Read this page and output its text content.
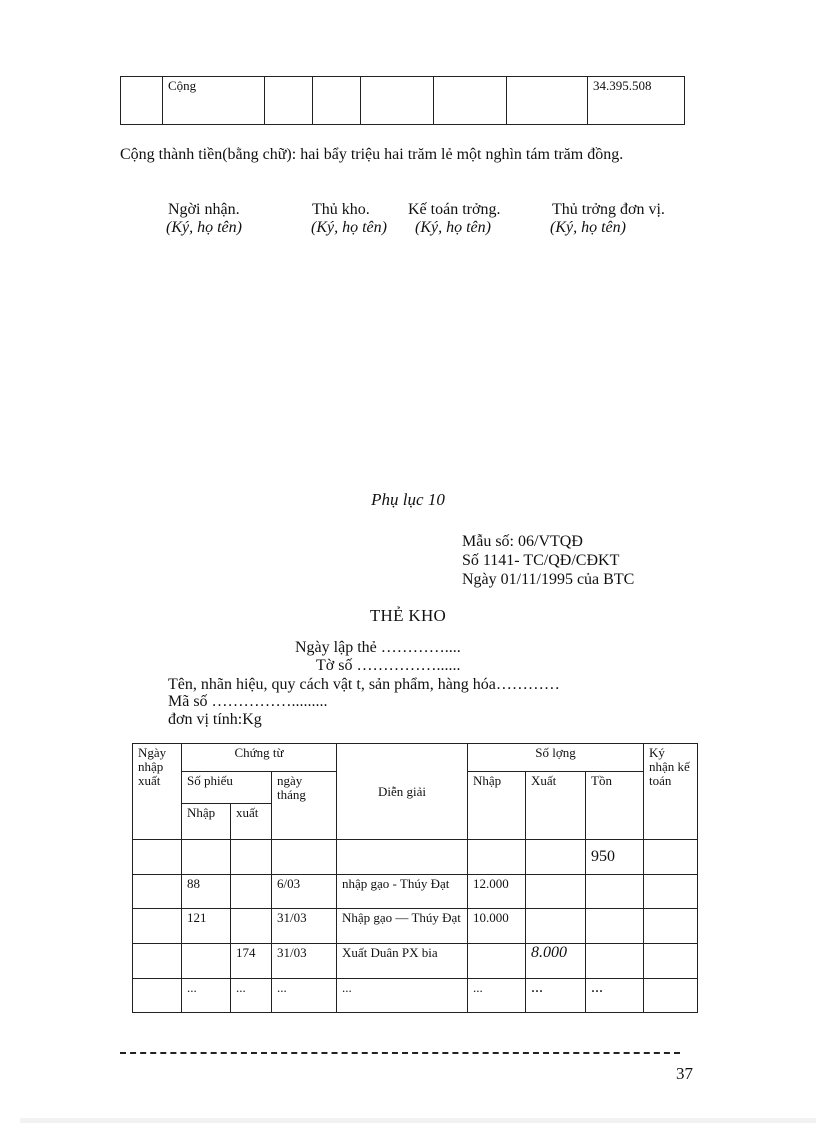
	Cộng						34.395.508
Cộng thành tiền(bằng chữ): hai bẩy triệu hai trăm lẻ một nghìn tám trăm đồng.
Ngời nhận.	Thủ kho. Kế toán trởng.	Thủ trởng đơn vị.
(Ký, họ tên)	(Ký, họ tên) (Ký, họ tên)	(Ký, họ tên)
Phụ lục 10
Mẫu số: 06/VTQĐ
Số 1141- TC/QĐ/CĐKT
Ngày 01/11/1995 của BTC
THẺ KHO
Ngày lập thẻ …………....
Tờ số ……………......
Tên, nhãn hiệu, quy cách vật t, sản phẩm, hàng hóa…………
Mã số …………….........
đơn vị tính:Kg
Ngày nhập xuất	Chứng từ			Diễn giải	Số lợng			Ký nhận kế toán
	Số phiếu		ngày tháng		Nhập	Xuất	Tồn	
	Nhập	xuất						
							950	
	88		6/03	nhập gạo - Thúy Đạt	12.000			
	121		31/03	Nhập gạo — Thúy Đạt	10.000			
		174	31/03	Xuất Duân PX bia		8.000		
	...	...	...	...	...	...	...	
37
